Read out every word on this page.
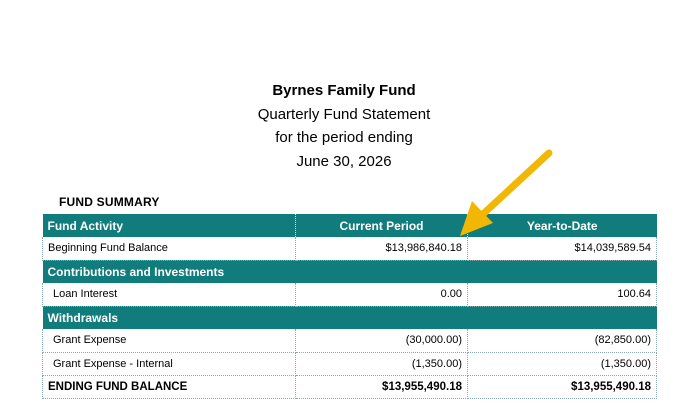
Byrnes Family Fund
Quarterly Fund Statement
for the period ending
June 30, 2026
FUND SUMMARY
Fund Activity	Current Period	Year-to-Date
Beginning Fund Balance	$13,986,840.18	$14,039,589.54
Contributions and Investments		
Loan Interest	0.00	100.64
Withdrawals		
Grant Expense	(30,000.00)	(82,850.00)
Grant Expense - Internal	(1,350.00)	(1,350.00)
ENDING FUND BALANCE	$13,955,490.18	$13,955,490.18
